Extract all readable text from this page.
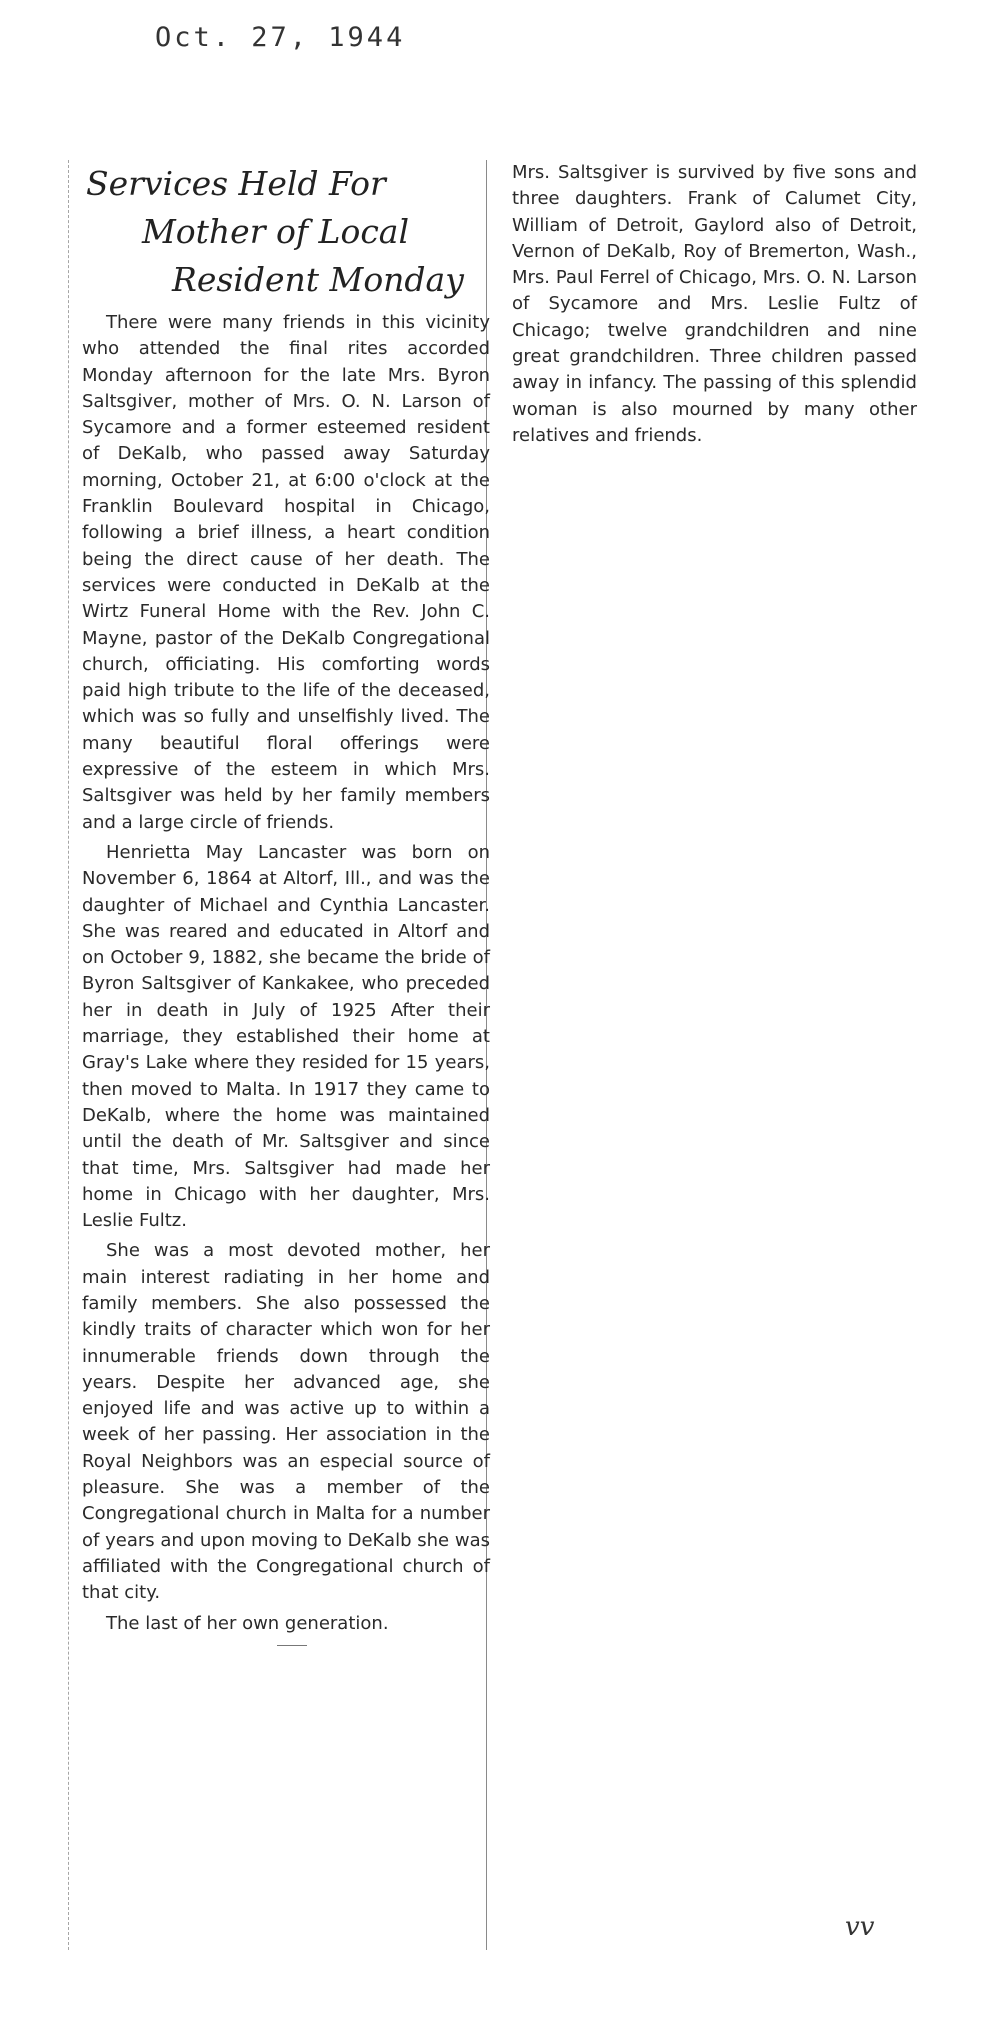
Oct. 27, 1944
Services Held For
Mother of Local
Resident Monday

There were many friends in this vicinity who attended the final rites accorded Monday afternoon for the late Mrs. Byron Saltsgiver, mother of Mrs. O. N. Larson of Sycamore and a former esteemed resident of DeKalb, who passed away Saturday morning, October 21, at 6:00 o'clock at the Franklin Boulevard hospital in Chicago, following a brief illness, a heart condition being the direct cause of her death. The services were conducted in DeKalb at the Wirtz Funeral Home with the Rev. John C. Mayne, pastor of the DeKalb Congregational church, officiating. His comforting words paid high tribute to the life of the deceased, which was so fully and unselfishly lived. The many beautiful floral offerings were expressive of the esteem in which Mrs. Saltsgiver was held by her family members and a large circle of friends.

Henrietta May Lancaster was born on November 6, 1864 at Altorf, Ill., and was the daughter of Michael and Cynthia Lancaster. She was reared and educated in Altorf and on October 9, 1882, she became the bride of Byron Saltsgiver of Kankakee, who preceded her in death in July of 1925 After their marriage, they established their home at Gray's Lake where they resided for 15 years, then moved to Malta. In 1917 they came to DeKalb, where the home was maintained until the death of Mr. Saltsgiver and since that time, Mrs. Saltsgiver had made her home in Chicago with her daughter, Mrs. Leslie Fultz.

She was a most devoted mother, her main interest radiating in her home and family members. She also possessed the kindly traits of character which won for her innumerable friends down through the years. Despite her advanced age, she enjoyed life and was active up to within a week of her passing. Her association in the Royal Neighbors was an especial source of pleasure. She was a member of the Congregational church in Malta for a number of years and upon moving to DeKalb she was affiliated with the Congregational church of that city.

The last of her own generation.

Mrs. Saltsgiver is survived by five sons and three daughters. Frank of Calumet City, William of Detroit, Gaylord also of Detroit, Vernon of DeKalb, Roy of Bremerton, Wash., Mrs. Paul Ferrel of Chicago, Mrs. O. N. Larson of Sycamore and Mrs. Leslie Fultz of Chicago; twelve grandchildren and nine great grandchildren. Three children passed away in infancy. The passing of this splendid woman is also mourned by many other relatives and friends.

vv
